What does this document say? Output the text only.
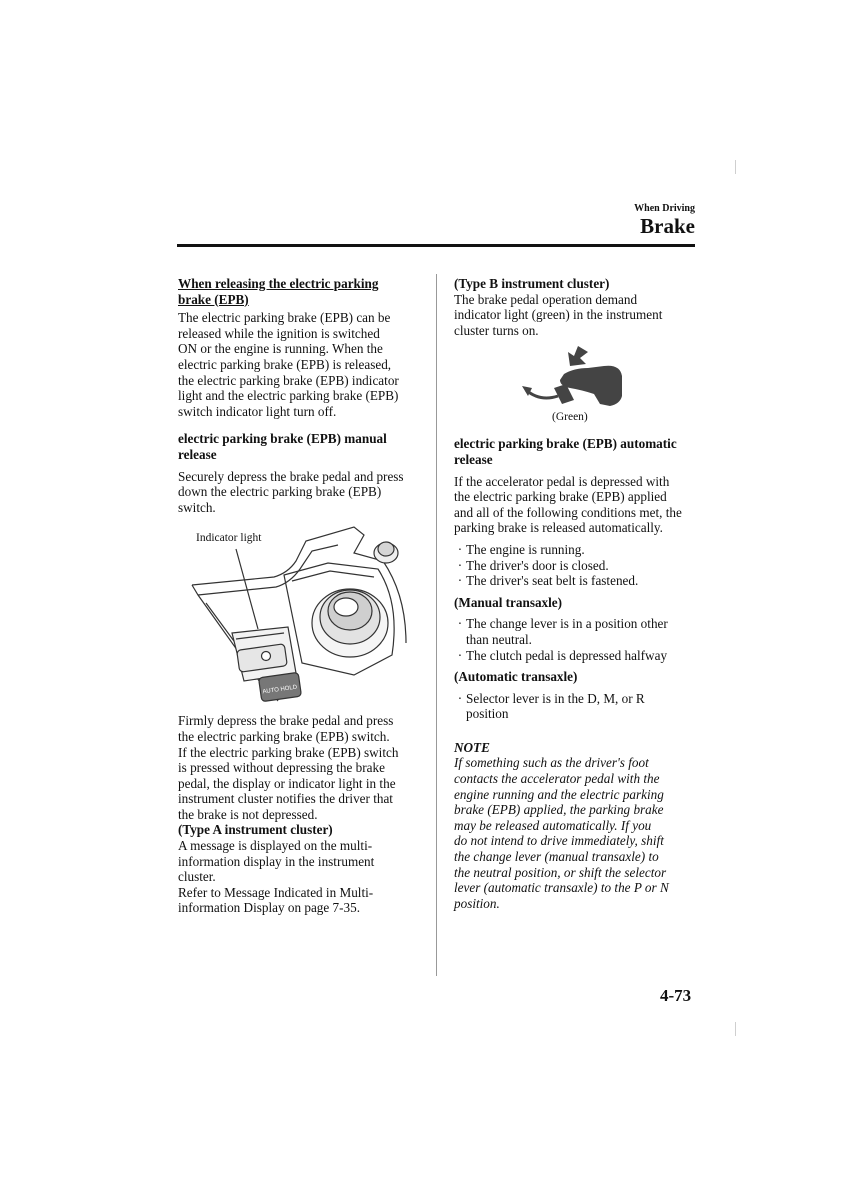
When Driving
Brake

When releasing the electric parking
brake (EPB)

The electric parking brake (EPB) can be
released while the ignition is switched
ON or the engine is running. When the
electric parking brake (EPB) is released,
the electric parking brake (EPB) indicator
light and the electric parking brake (EPB)
switch indicator light turn off.

electric parking brake (EPB) manual
release

Securely depress the brake pedal and press
down the electric parking brake (EPB)
switch.

Indicator light
AUTO HOLD

Firmly depress the brake pedal and press
the electric parking brake (EPB) switch.
If the electric parking brake (EPB) switch
is pressed without depressing the brake
pedal, the display or indicator light in the
instrument cluster notifies the driver that
the brake is not depressed.

(Type A instrument cluster)

A message is displayed on the multi-
information display in the instrument
cluster.
Refer to Message Indicated in Multi-
information Display on page 7-35.

(Type B instrument cluster)

The brake pedal operation demand
indicator light (green) in the instrument
cluster turns on.

(Green)

electric parking brake (EPB) automatic
release

If the accelerator pedal is depressed with
the electric parking brake (EPB) applied
and all of the following conditions met, the
parking brake is released automatically.

· The engine is running.
· The driver's door is closed.
· The driver's seat belt is fastened.

(Manual transaxle)

· The change lever is in a position other
than neutral.
· The clutch pedal is depressed halfway

(Automatic transaxle)

· Selector lever is in the D, M, or R
position

NOTE

If something such as the driver's foot
contacts the accelerator pedal with the
engine running and the electric parking
brake (EPB) applied, the parking brake
may be released automatically. If you
do not intend to drive immediately, shift
the change lever (manual transaxle) to
the neutral position, or shift the selector
lever (automatic transaxle) to the P or N
position.

4-73
